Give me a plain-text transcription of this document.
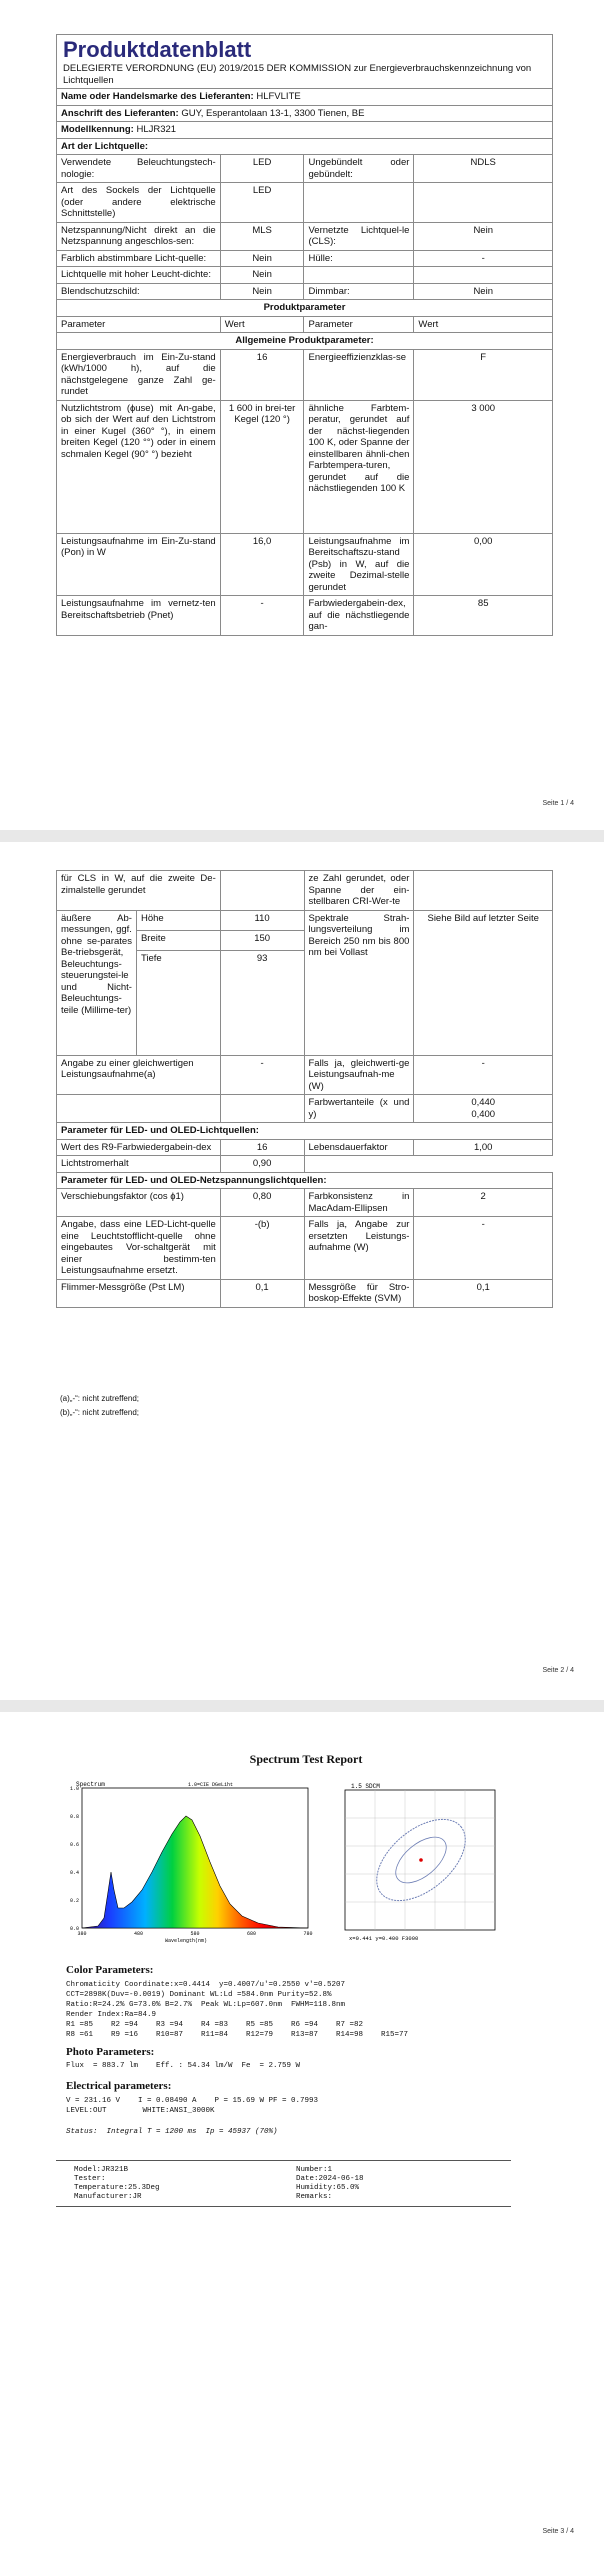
Produktdatenblatt
DELEGIERTE VERORDNUNG (EU) 2019/2015 DER KOMMISSION zur Energieverbrauchskennzeichnung von Lichtquellen			

Name oder Handelsmarke des Lieferanten: HLFVLITE			
Anschrift des Lieferanten: GUY, Esperantolaan 13-1, 3300 Tienen, BE			
Modellkennung: HLJR321			
Art der Lichtquelle:			
Verwendete Beleuchtungstech-nologie:	LED	Ungebündelt oder gebündelt:	NDLS
Art des Sockels der Lichtquelle (oder andere elektrische Schnittstelle)	LED		
Netzspannung/Nicht direkt an die Netzspannung angeschlos-sen:	MLS	Vernetzte Lichtquel-le (CLS):	Nein
Farblich abstimmbare Licht-quelle:	Nein	Hülle:	-
Lichtquelle mit hoher Leucht-dichte:	Nein		
Blendschutzschild:	Nein	Dimmbar:	Nein
Produktparameter			
Parameter	Wert	Parameter	Wert
Allgemeine Produktparameter:			
Energieverbrauch im Ein-Zu-stand (kWh/1000 h), auf die nächstgelegene ganze Zahl ge-rundet	16	Energieeffizienzklas-se	F
Nutzlichtstrom (ɸuse) mit An-gabe, ob sich der Wert auf den Lichtstrom in einer Kugel (360° °), in einem breiten Kegel (120 °°) oder in einem schmalen Kegel (90° °) bezieht	1 600 in brei-ter Kegel (120 °)	ähnliche Farbtem-peratur, gerundet auf der nächst-liegenden 100 K, oder Spanne der einstellbaren ähnli-chen Farbtempera-turen, gerundet auf die nächstliegenden 100 K	3 000
Leistungsaufnahme im Ein-Zu-stand (Pon) in W	16,0	Leistungsaufnahme im Bereitschaftszu-stand (Psb) in W, auf die zweite Dezimal-stelle gerundet	0,00
Leistungsaufnahme im vernetz-ten Bereitschaftsbetrieb (Pnet)	-	Farbwiedergabein-dex, auf die nächstliegende gan-	85
Seite 1 / 4
für CLS in W, auf die zweite De-zimalstelle gerundet			ze Zahl gerundet, oder Spanne der ein-stellbaren CRI-Wer-te	
äußere Ab-messungen, ggf. ohne se-parates Be-triebsgerät, Beleuchtungs-steuerungstei-le und Nicht-Beleuchtungs-teile (Millime-ter)	Höhe	110	Spektrale Strah-lungsverteilung im Bereich 250 nm bis 800 nm bei Vollast	Siehe Bild auf letzter Seite
	Breite	150		
	Tiefe	93		
Angabe zu einer gleichwertigen Leistungsaufnahme(a)		-	Falls ja, gleichwerti-ge Leistungsaufnah-me (W)	-
			Farbwertanteile (x und y)	0,440
0,400

Parameter für LED- und OLED-Lichtquellen:				
Wert des R9-Farbwiedergabein-dex		16	Lebensdauerfaktor	1,00
Lichtstromerhalt		0,90		
Parameter für LED- und OLED-Netzspannungslichtquellen:				
Verschiebungsfaktor (cos ɸ1)		0,80	Farbkonsistenz in MacAdam-Ellipsen	2
Angabe, dass eine LED-Licht-quelle eine Leuchtstofflicht-quelle ohne eingebautes Vor-schaltgerät mit einer bestimm-ten Leistungsaufnahme ersetzt.		-(b)	Falls ja, Angabe zur ersetzten Leistungs-aufnahme (W)	-
Flimmer-Messgröße (Pst LM)		0,1	Messgröße für Stro-boskop-Effekte (SVM)	0,1
(a)„-“: nicht zutreffend;
(b)„-“: nicht zutreffend;
Seite 2 / 4
Spectrum Test Report
Spectrum	1.0=CIE DGeLiht
1.0
0.8
0.6
0.4
0.2
0.0
380	480	580	680	780
Wavelength(nm)
1.5 SDCM
x=0.441 y=0.400 F3000
Color Parameters:
Chromaticity Coordinate:x=0.4414  y=0.4007/u'=0.2550 v'=0.5207
CCT=2898K(Duv=-0.0019) Dominant WL:Ld =584.0nm Purity=52.8%
Ratio:R=24.2% G=73.0% B=2.7%  Peak WL:Lp=607.0nm  FWHM=118.8nm
Render Index:Ra=84.9
R1 =85    R2 =94    R3 =94    R4 =83    R5 =85    R6 =94    R7 =82
R8 =61    R9 =16    R10=87    R11=84    R12=79    R13=87    R14=98    R15=77
Photo Parameters:
Flux  = 883.7 lm    Eff. : 54.34 lm/W  Fe  = 2.759 W
Electrical parameters:
V = 231.16 V    I = 0.08490 A    P = 15.69 W PF = 0.7993
LEVEL:OUT        WHITE:ANSI_3000K
Status:  Integral T = 1200 ms  Ip = 45937 (70%)
Model:JR321B
Tester:
Temperature:25.3Deg
Manufacturer:JR
Number:1
Date:2024-06-18
Humidity:65.0%
Remarks:
Seite 3 / 4
